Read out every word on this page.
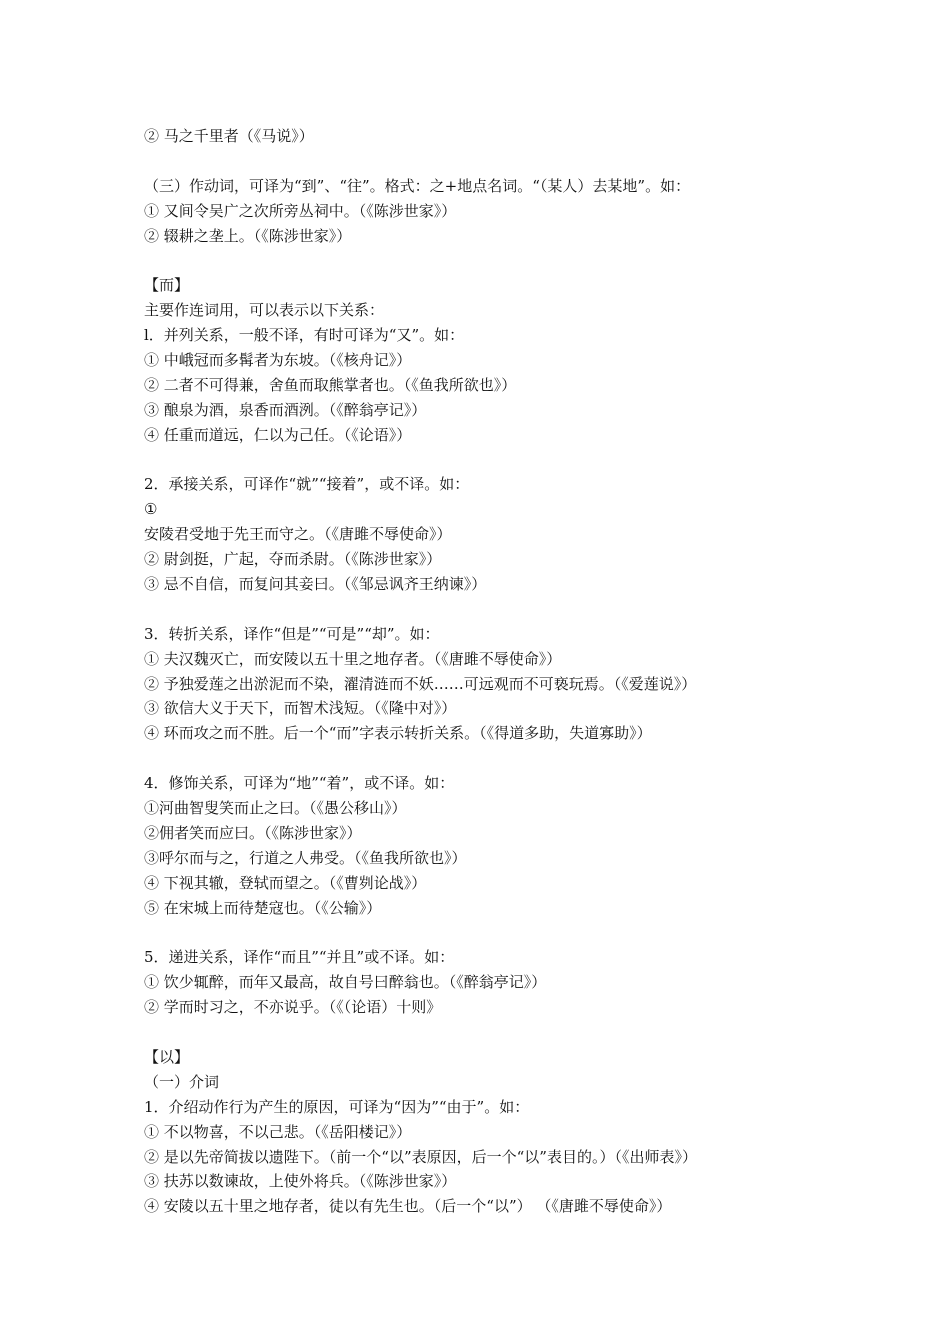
② 马之千里者（《马说》）

（三）作动词，可译为“到”、“往”。格式：之+地点名词。“（某人）去某地”。如：

① 又间令吴广之次所旁丛祠中。（《陈涉世家》）

② 辍耕之垄上。（《陈涉世家》）

【而】

主要作连词用，可以表示以下关系：

l．并列关系，一般不译，有时可译为“又”。如：

① 中峨冠而多髯者为东坡。（《核舟记》）

② 二者不可得兼，舍鱼而取熊掌者也。（《鱼我所欲也》）

③ 酿泉为酒，泉香而酒洌。（《醉翁亭记》）

④ 任重而道远，仁以为己任。（《论语》）

2．承接关系，可译作“就”“接着”，或不译。如：

①

安陵君受地于先王而守之。（《唐雎不辱使命》）

② 尉剑挺，广起，夺而杀尉。（《陈涉世家》）

③ 忌不自信，而复问其妾曰。（《邹忌讽齐王纳谏》）

3．转折关系，译作“但是”“可是”“却”。如：

① 夫汉魏灭亡，而安陵以五十里之地存者。（《唐雎不辱使命》）

② 予独爱莲之出淤泥而不染，濯清涟而不妖……可远观而不可亵玩焉。（《爱莲说》）

③ 欲信大义于天下，而智术浅短。（《隆中对》）

④ 环而攻之而不胜。后一个“而”字表示转折关系。（《得道多助，失道寡助》）

4．修饰关系，可译为“地”“着”，或不译。如：

①河曲智叟笑而止之曰。（《愚公移山》）

②佣者笑而应曰。（《陈涉世家》）

③呼尔而与之，行道之人弗受。（《鱼我所欲也》）

④ 下视其辙，登轼而望之。（《曹刿论战》）

⑤ 在宋城上而待楚寇也。（《公输》）

5．递进关系，译作“而且”“并且”或不译。如：

① 饮少辄醉，而年又最高，故自号曰醉翁也。（《醉翁亭记》）

② 学而时习之，不亦说乎。（《（论语）十则》

【以】

（一）介词

1．介绍动作行为产生的原因，可译为“因为”“由于”。如：

① 不以物喜，不以己悲。（《岳阳楼记》）

② 是以先帝简拔以遗陛下。（前一个“以”表原因，后一个“以”表目的。）（《出师表》）

③ 扶苏以数谏故，上使外将兵。（《陈涉世家》）

④ 安陵以五十里之地存者，徒以有先生也。（后一个“以”） （《唐雎不辱使命》）
